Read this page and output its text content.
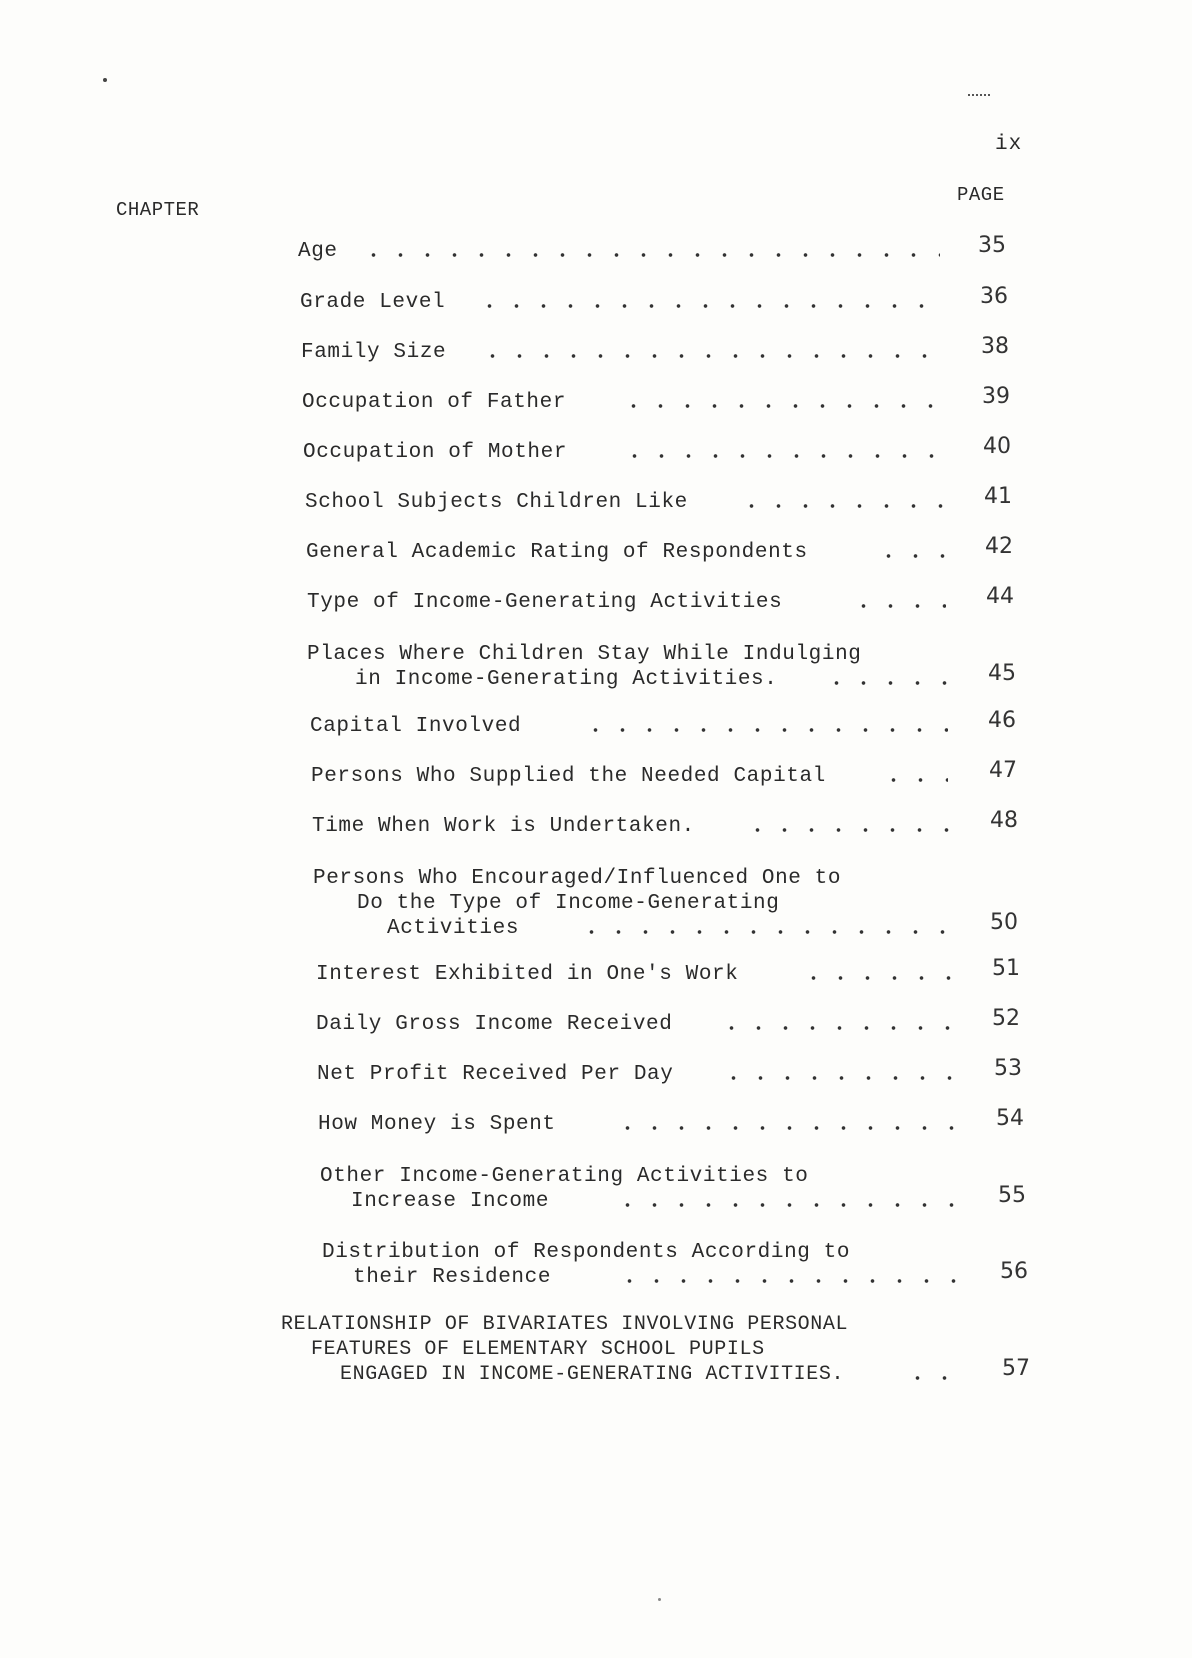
ix
CHAPTER
PAGE
Age	35
Grade Level	36
Family Size	38
Occupation of Father	39
Occupation of Mother	40
School Subjects Children Like	41
General Academic Rating of Respondents	42
Type of Income-Generating Activities	44
Places Where Children Stay While Indulging
in Income-Generating Activities.	45
Capital Involved	46
Persons Who Supplied the Needed Capital	47
Time When Work is Undertaken.	48
Persons Who Encouraged/Influenced One to
Do the Type of Income-Generating
Activities	50
Interest Exhibited in One's Work	51
Daily Gross Income Received	52
Net Profit Received Per Day	53
How Money is Spent	54
Other Income-Generating Activities to
Increase Income	55
Distribution of Respondents According to
their Residence	56
RELATIONSHIP OF BIVARIATES INVOLVING PERSONAL
FEATURES OF ELEMENTARY SCHOOL PUPILS
ENGAGED IN INCOME-GENERATING ACTIVITIES.	57
